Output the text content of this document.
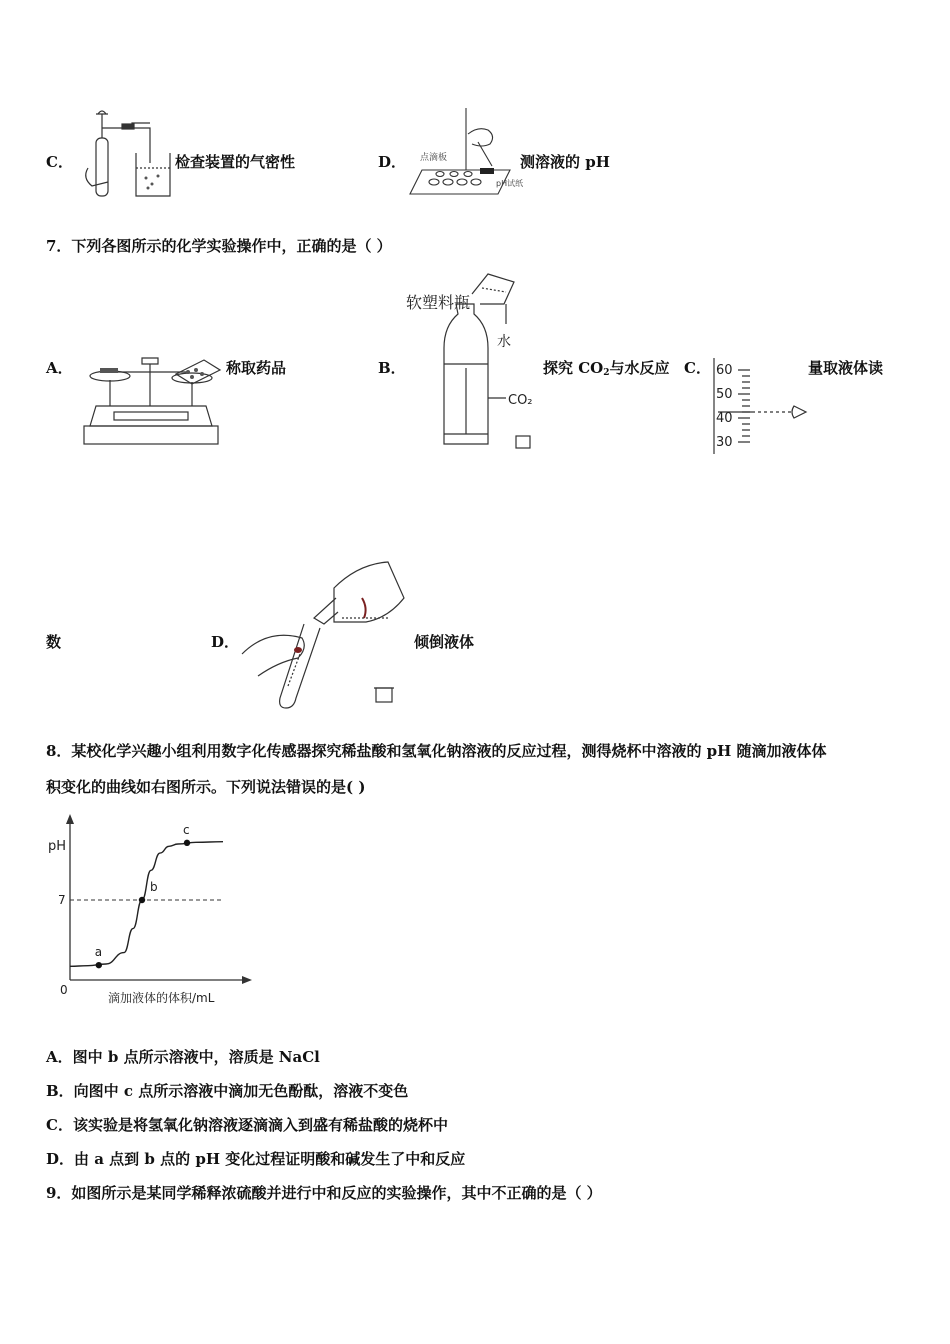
C．	检查装置的气密性	D． 点滴板
pH试纸
测溶液的 pH
7．下列各图所示的化学实验操作中，正确的是（ ）
A．	称取药品	B．
软塑料瓶
水
CO₂
探究 $CO_2$与水反应 C． 60
50
40
30
量取液体读
数	D．	倾倒液体
8．某校化学兴趣小组利用数字化传感器探究稀盐酸和氢氧化钠溶液的反应过程，测得烧杯中溶液的 pH 随滴加液体体
积变化的曲线如右图所示。下列说法错误的是( )
a
b
c
pH
7
0
滴加液体的体积/mL
A．图中 b 点所示溶液中，溶质是 NaCl
B．向图中 c 点所示溶液中滴加无色酚酞，溶液不变色
C．该实验是将氢氧化钠溶液逐滴滴入到盛有稀盐酸的烧杯中
D．由 a 点到 b 点的 pH 变化过程证明酸和碱发生了中和反应
9．如图所示是某同学稀释浓硫酸并进行中和反应的实验操作，其中不正确的是（ ）
